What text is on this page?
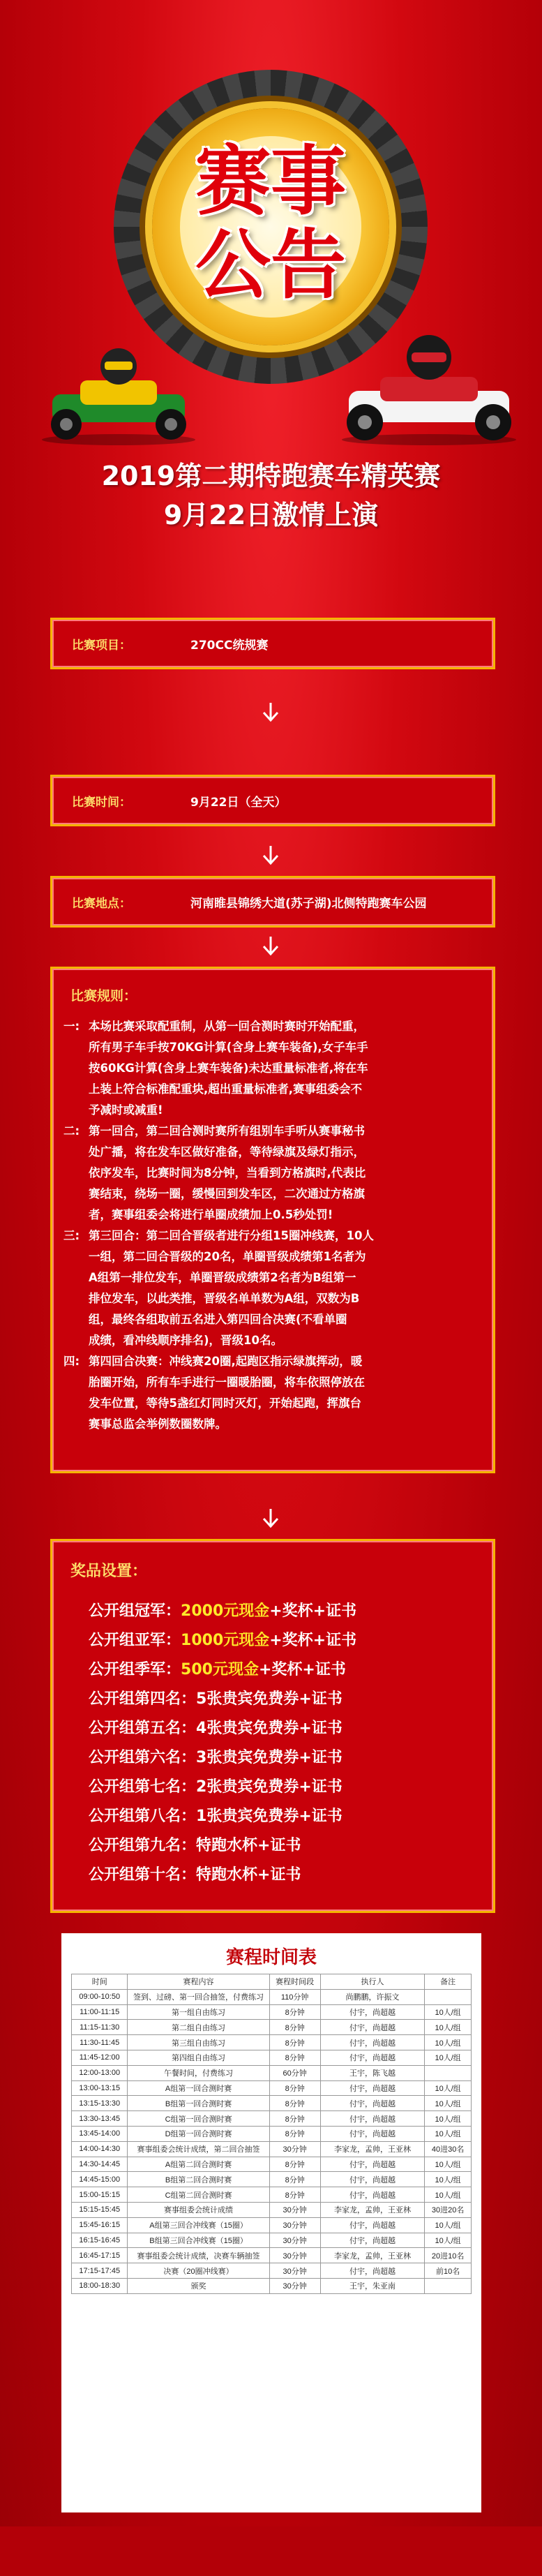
赛事
公告
2019第二期特跑赛车精英赛
9月22日激情上演
比赛项目：	270CC统规赛
比赛时间：	9月22日（全天）
比赛地点：	河南睢县锦绣大道(苏子湖)北侧特跑赛车公园
比赛规则：
一: 本场比赛采取配重制，从第一回合测时赛时开始配重，
所有男子车手按70KG计算(含身上赛车装备),女子车手
按60KG计算(含身上赛车装备)未达重量标准者,将在车
上装上符合标准配重块,超出重量标准者,赛事组委会不
予减时或减重!
二: 第一回合，第二回合测时赛所有组别车手听从赛事秘书
处广播，将在发车区做好准备，等待绿旗及绿灯指示，
依序发车，比赛时间为8分钟，当看到方格旗时,代表比
赛结束，绕场一圈，缓慢回到发车区，二次通过方格旗
者，赛事组委会将进行单圈成绩加上0.5秒处罚!
三: 第三回合：第二回合晋级者进行分组15圈冲线赛，10人
一组，第二回合晋级的20名，单圈晋级成绩第1名者为
A组第一排位发车，单圈晋级成绩第2名者为B组第一
排位发车，以此类推，晋级名单单数为A组，双数为B
组，最终各组取前五名进入第四回合决赛(不看单圈
成绩，看冲线顺序排名)，晋级10名。
四: 第四回合决赛：冲线赛20圈,起跑区指示绿旗挥动，暖
胎圈开始，所有车手进行一圈暖胎圈，将车依照停放在
发车位置，等待5盏红灯同时灭灯，开始起跑，挥旗台
赛事总监会举例数圈数牌。
奖品设置：
公开组冠军：2000元现金+奖杯+证书
公开组亚军：1000元现金+奖杯+证书
公开组季军：500元现金+奖杯+证书
公开组第四名：5张贵宾免费券+证书
公开组第五名：4张贵宾免费券+证书
公开组第六名：3张贵宾免费券+证书
公开组第七名：2张贵宾免费券+证书
公开组第八名：1张贵宾免费券+证书
公开组第九名：特跑水杯+证书
公开组第十名：特跑水杯+证书
赛程时间表
时间	赛程内容	赛程时间段	执行人	备注
09:00-10:50	签到、过磅、第一回合抽签，付费练习	110分钟	尚鹏鹏，许振文	
11:00-11:15	第一组自由练习	8分钟	付宇，尚超越	10人/组
11:15-11:30	第二组自由练习	8分钟	付宇，尚超越	10人/组
11:30-11:45	第三组自由练习	8分钟	付宇，尚超越	10人/组
11:45-12:00	第四组自由练习	8分钟	付宇，尚超越	10人/组
12:00-13:00	午餐时间，付费练习	60分钟	王宇，陈飞越	
13:00-13:15	A组第一回合测时赛	8分钟	付宇，尚超越	10人/组
13:15-13:30	B组第一回合测时赛	8分钟	付宇，尚超越	10人/组
13:30-13:45	C组第一回合测时赛	8分钟	付宇，尚超越	10人/组
13:45-14:00	D组第一回合测时赛	8分钟	付宇，尚超越	10人/组
14:00-14:30	赛事组委会统计成绩，第二回合抽签	30分钟	李家龙，孟帅，王亚林	40进30名
14:30-14:45	A组第二回合测时赛	8分钟	付宇，尚超越	10人/组
14:45-15:00	B组第二回合测时赛	8分钟	付宇，尚超越	10人/组
15:00-15:15	C组第二回合测时赛	8分钟	付宇，尚超越	10人/组
15:15-15:45	赛事组委会统计成绩	30分钟	李家龙，孟帅，王亚林	30进20名
15:45-16:15	A组第三回合冲线赛（15圈）	30分钟	付宇，尚超越	10人/组
16:15-16:45	B组第三回合冲线赛（15圈）	30分钟	付宇，尚超越	10人/组
16:45-17:15	赛事组委会统计成绩，决赛车辆抽签	30分钟	李家龙，孟帅，王亚林	20进10名
17:15-17:45	决赛（20圈冲线赛）	30分钟	付宇，尚超越	前10名
18:00-18:30	颁奖	30分钟	王宇，朱亚南	
